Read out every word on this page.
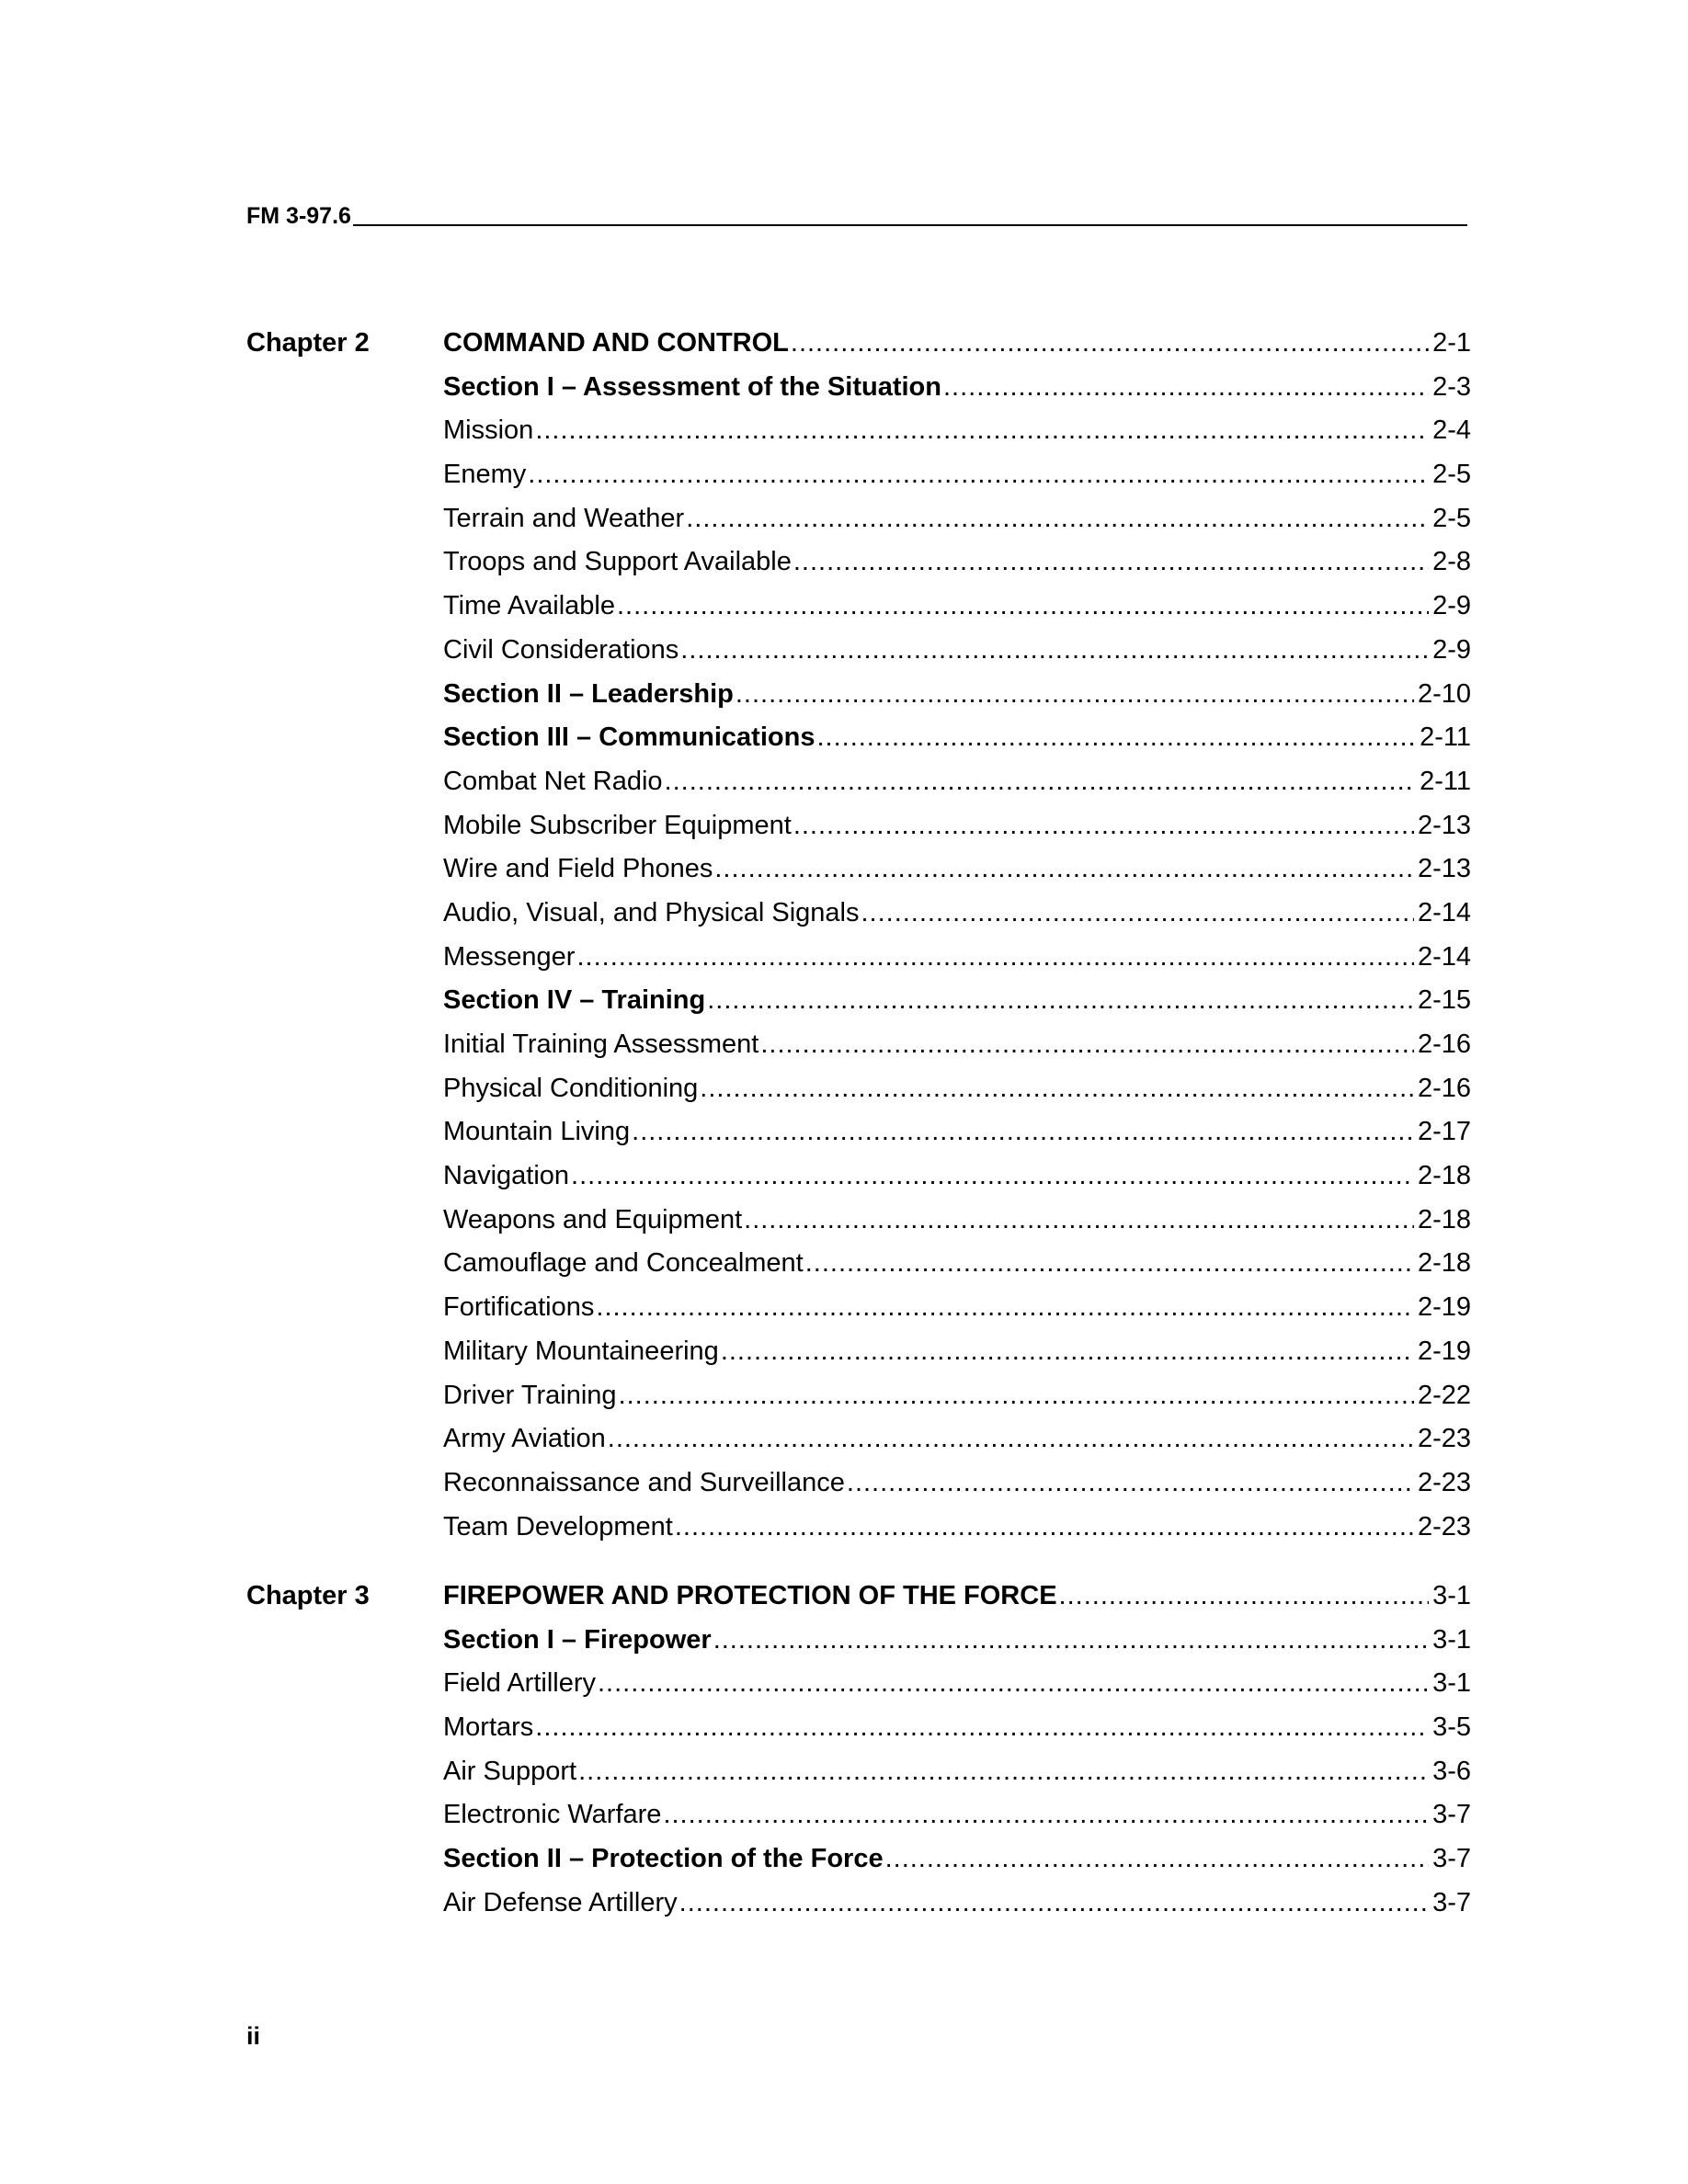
FM 3-97.6
Chapter 2	COMMAND AND CONTROL .....	2-1
Section I – Assessment of the Situation .....	2-3
Mission .....	2-4
Enemy .....	2-5
Terrain and Weather .....	2-5
Troops and Support Available .....	2-8
Time Available .....	2-9
Civil Considerations .....	2-9
Section II – Leadership .....	2-10
Section III – Communications .....	2-11
Combat Net Radio .....	2-11
Mobile Subscriber Equipment .....	2-13
Wire and Field Phones .....	2-13
Audio, Visual, and Physical Signals .....	2-14
Messenger .....	2-14
Section IV – Training .....	2-15
Initial Training Assessment .....	2-16
Physical Conditioning .....	2-16
Mountain Living .....	2-17
Navigation .....	2-18
Weapons and Equipment .....	2-18
Camouflage and Concealment .....	2-18
Fortifications .....	2-19
Military Mountaineering .....	2-19
Driver Training .....	2-22
Army Aviation .....	2-23
Reconnaissance and Surveillance .....	2-23
Team Development .....	2-23
Chapter 3	FIREPOWER AND PROTECTION OF THE FORCE .....	3-1
Section I – Firepower .....	3-1
Field Artillery .....	3-1
Mortars .....	3-5
Air Support .....	3-6
Electronic Warfare .....	3-7
Section II – Protection of the Force .....	3-7
Air Defense Artillery .....	3-7
ii
